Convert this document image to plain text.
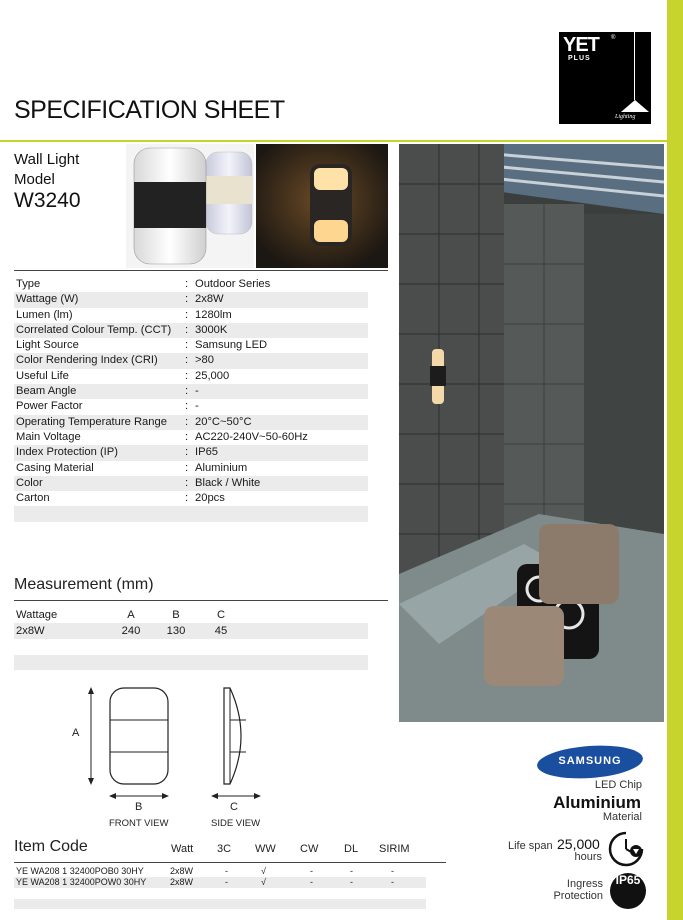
YET ®
PLUS
Lighting
SPECIFICATION SHEET
Wall Light
Model
W3240
Type	: Outdoor Series
Wattage (W)	: 2x8W
Lumen (lm)	: 1280lm
Correlated Colour Temp. (CCT) : 3000K
Light Source	: Samsung LED
Color Rendering Index (CRI) : >80
Useful Life	: 25,000
Beam Angle	: -
Power Factor	: -
Operating Temperature Range : 20°C~50°C
Main Voltage	: AC220-240V~50-60Hz
Index Protection (IP)	: IP65
Casing Material	: Aluminium
Color	: Black / White
Carton	: 20pcs
Measurement (mm)
Wattage	A	B	C
2x8W	240 130	45
A
B	C
FRONT VIEW	SIDE VIEW
Item Code	Watt 3C WW CW DL SIRIM
YE WA208 1 32400POB0 30HY	2x8W	-	√	-	-	-
YE WA208 1 32400POW0 30HY	2x8W	-	√	-	-	-
SAMSUNG
LED Chip
Aluminium
Material
Life span 25,000
hours
Ingress
Protection
IP65
